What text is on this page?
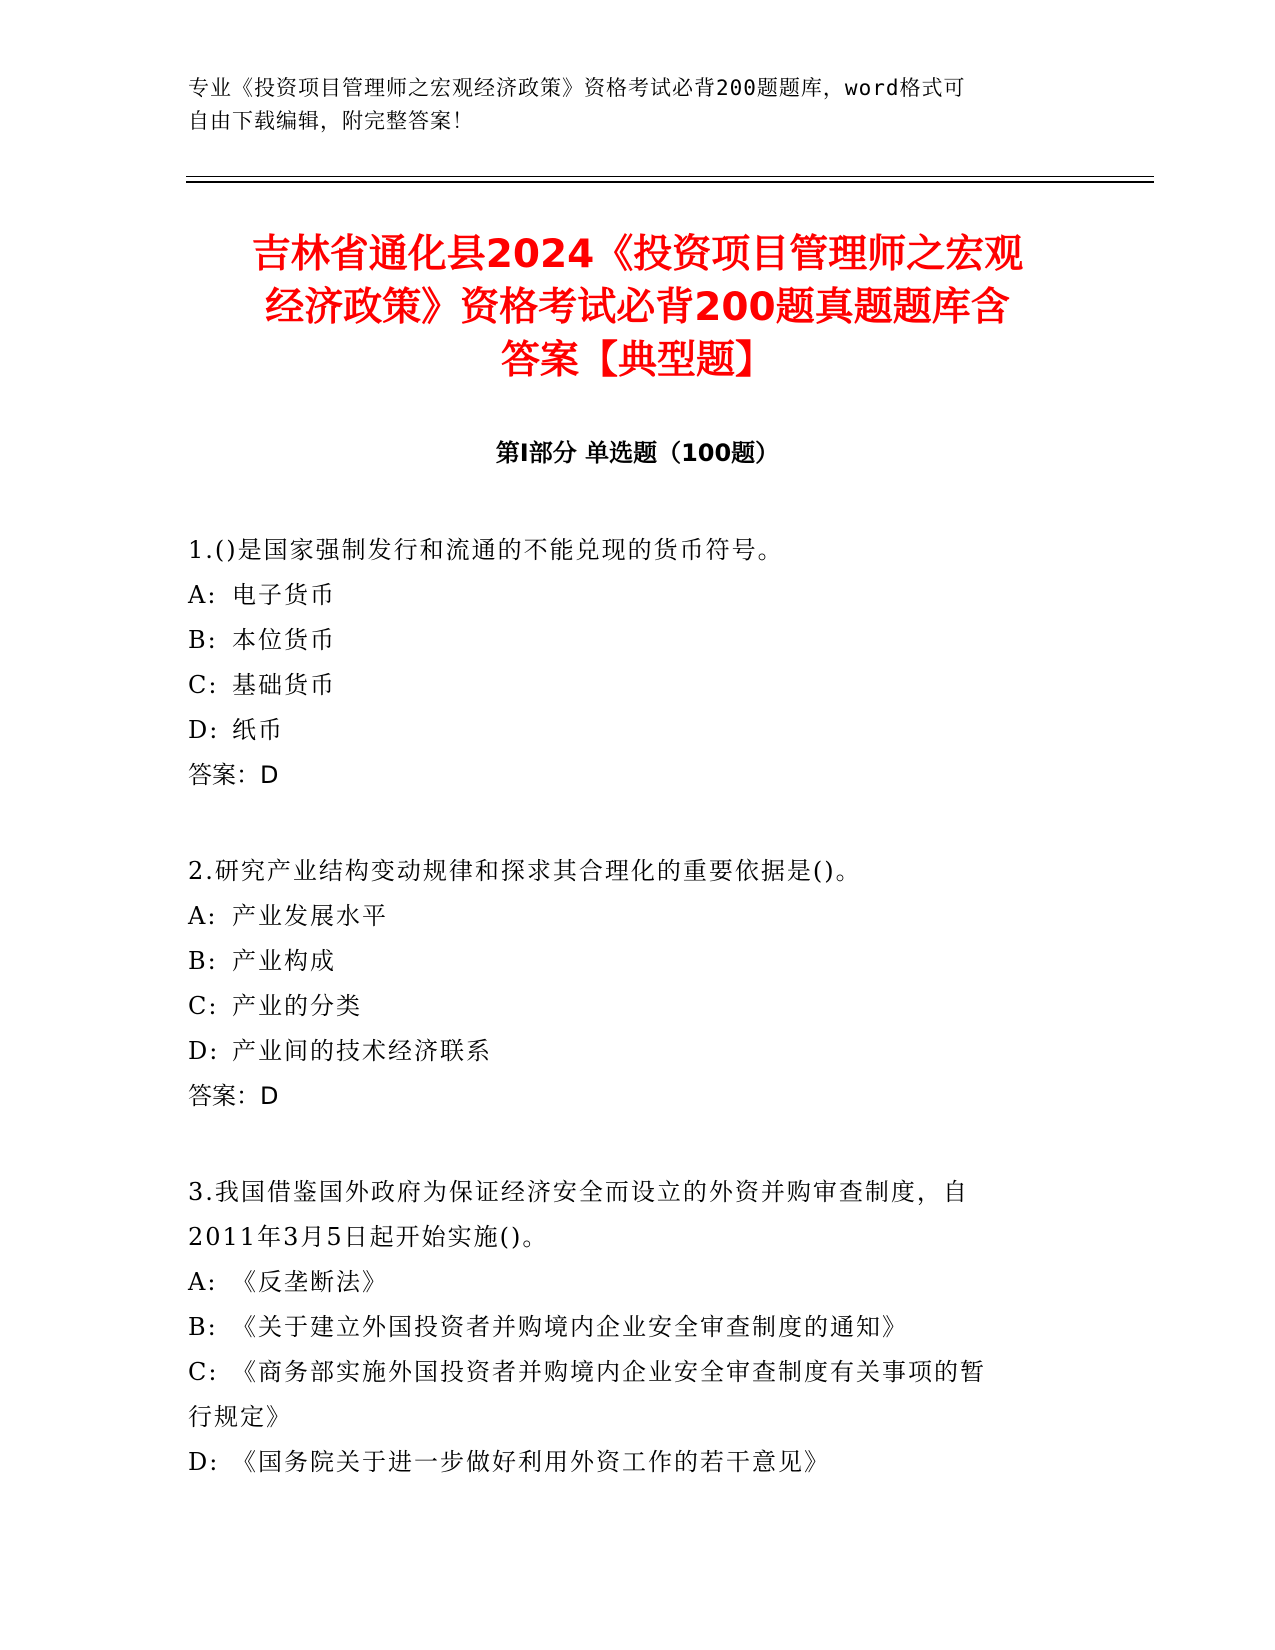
专业《投资项目管理师之宏观经济政策》资格考试必背200题题库，word格式可
自由下载编辑，附完整答案！
吉林省通化县2024《投资项目管理师之宏观
经济政策》资格考试必背200题真题题库含
答案【典型题】
第I部分 单选题（100题）

1.()是国家强制发行和流通的不能兑现的货币符号。

A: 电子货币

B: 本位货币

C: 基础货币

D: 纸币

答案：D

2.研究产业结构变动规律和探求其合理化的重要依据是()。

A: 产业发展水平

B: 产业构成

C: 产业的分类

D: 产业间的技术经济联系

答案：D

3.我国借鉴国外政府为保证经济安全而设立的外资并购审查制度，自
2011年3月5日起开始实施()。

A: 《反垄断法》

B: 《关于建立外国投资者并购境内企业安全审查制度的通知》

C: 《商务部实施外国投资者并购境内企业安全审查制度有关事项的暂
行规定》

D: 《国务院关于进一步做好利用外资工作的若干意见》
